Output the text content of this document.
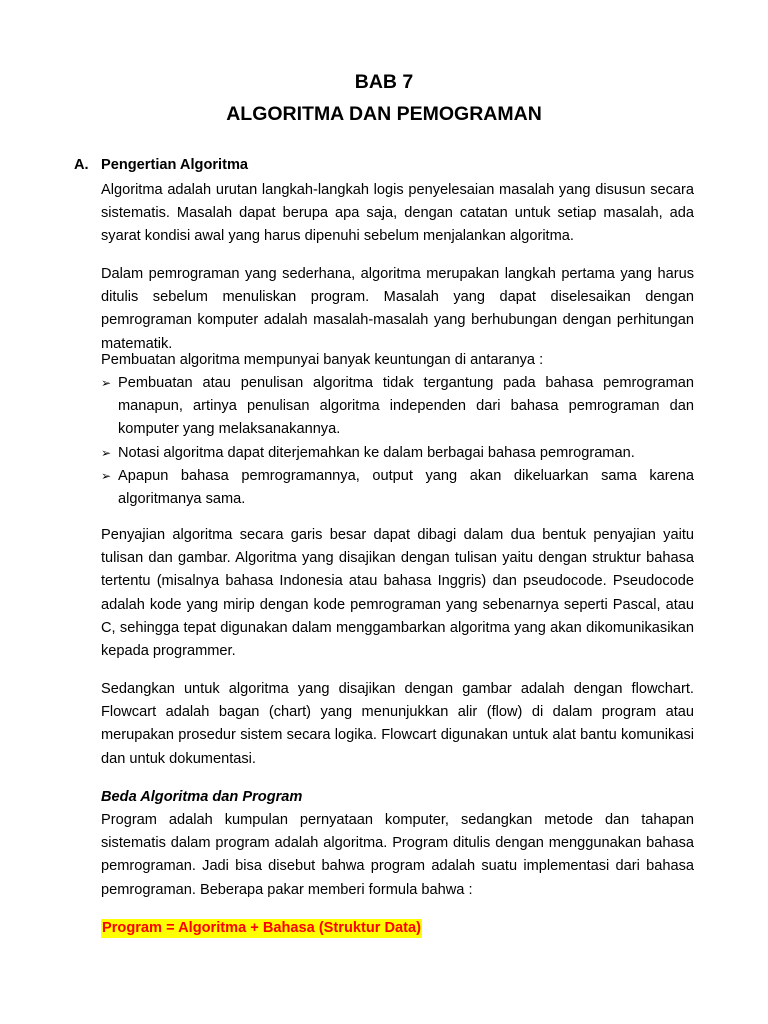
BAB 7
ALGORITMA DAN PEMOGRAMAN
A. Pengertian Algoritma

Algoritma adalah urutan langkah-langkah logis penyelesaian masalah yang disusun secara sistematis. Masalah dapat berupa apa saja, dengan catatan untuk setiap masalah, ada syarat kondisi awal yang harus dipenuhi sebelum menjalankan algoritma.

Dalam pemrograman yang sederhana, algoritma merupakan langkah pertama yang harus ditulis sebelum menuliskan program. Masalah yang dapat diselesaikan dengan pemrograman komputer adalah masalah-masalah yang berhubungan dengan perhitungan matematik.

Pembuatan algoritma mempunyai banyak keuntungan di antaranya :

➢ Pembuatan atau penulisan algoritma tidak tergantung pada bahasa pemrograman manapun, artinya penulisan algoritma independen dari bahasa pemrograman dan komputer yang melaksanakannya.
➢ Notasi algoritma dapat diterjemahkan ke dalam berbagai bahasa pemrograman.
➢ Apapun bahasa pemrogramannya, output yang akan dikeluarkan sama karena algoritmanya sama.

Penyajian algoritma secara garis besar dapat dibagi dalam dua bentuk penyajian yaitu tulisan dan gambar. Algoritma yang disajikan dengan tulisan yaitu dengan struktur bahasa tertentu (misalnya bahasa Indonesia atau bahasa Inggris) dan pseudocode. Pseudocode adalah kode yang mirip dengan kode pemrograman yang sebenarnya seperti Pascal, atau C, sehingga tepat digunakan dalam menggambarkan algoritma yang akan dikomunikasikan kepada programmer.

Sedangkan untuk algoritma yang disajikan dengan gambar adalah dengan flowchart. Flowcart adalah bagan (chart) yang menunjukkan alir (flow) di dalam program atau merupakan prosedur sistem secara logika. Flowcart digunakan untuk alat bantu komunikasi dan untuk dokumentasi.

Beda Algoritma dan Program

Program adalah kumpulan pernyataan komputer, sedangkan metode dan tahapan sistematis dalam program adalah algoritma. Program ditulis dengan menggunakan bahasa pemrograman. Jadi bisa disebut bahwa program adalah suatu implementasi dari bahasa pemrograman. Beberapa pakar memberi formula bahwa :

Program = Algoritma + Bahasa (Struktur Data)
